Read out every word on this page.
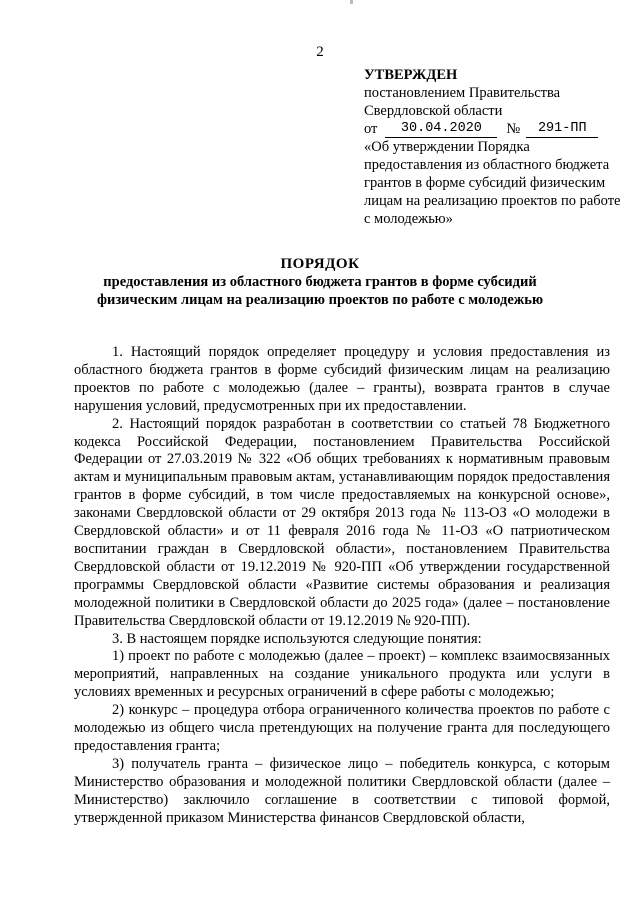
2
УТВЕРЖДЕН
постановлением Правительства
Свердловской области
от	30.04.2020	№	291-ПП
«Об утверждении Порядка предоставления из областного бюджета грантов в форме субсидий физическим лицам на реализацию проектов по работе с молодежью»
ПОРЯДОК
предоставления из областного бюджета грантов в форме субсидий физическим лицам на реализацию проектов по работе с молодежью

1. Настоящий порядок определяет процедуру и условия предоставления из областного бюджета грантов в форме субсидий физическим лицам на реализацию проектов по работе с молодежью (далее – гранты), возврата грантов в случае нарушения условий, предусмотренных при их предоставлении.

2. Настоящий порядок разработан в соответствии со статьей 78 Бюджетного кодекса Российской Федерации, постановлением Правительства Российской Федерации от 27.03.2019 № 322 «Об общих требованиях к нормативным правовым актам и муниципальным правовым актам, устанавливающим порядок предоставления грантов в форме субсидий, в том числе предоставляемых на конкурсной основе», законами Свердловской области от 29 октября 2013 года № 113-ОЗ «О молодежи в Свердловской области» и от 11 февраля 2016 года № 11-ОЗ «О патриотическом воспитании граждан в Свердловской области», постановлением Правительства Свердловской области от 19.12.2019 № 920-ПП «Об утверждении государственной программы Свердловской области «Развитие системы образования и реализация молодежной политики в Свердловской области до 2025 года» (далее – постановление Правительства Свердловской области от 19.12.2019 № 920-ПП).

3. В настоящем порядке используются следующие понятия:

1) проект по работе с молодежью (далее – проект) – комплекс взаимосвязанных мероприятий, направленных на создание уникального продукта или услуги в условиях временных и ресурсных ограничений в сфере работы с молодежью;

2) конкурс – процедура отбора ограниченного количества проектов по работе с молодежью из общего числа претендующих на получение гранта для последующего предоставления гранта;

3) получатель гранта – физическое лицо – победитель конкурса, с которым Министерство образования и молодежной политики Свердловской области (далее – Министерство) заключило соглашение в соответствии с типовой формой, утвержденной приказом Министерства финансов Свердловской области,
